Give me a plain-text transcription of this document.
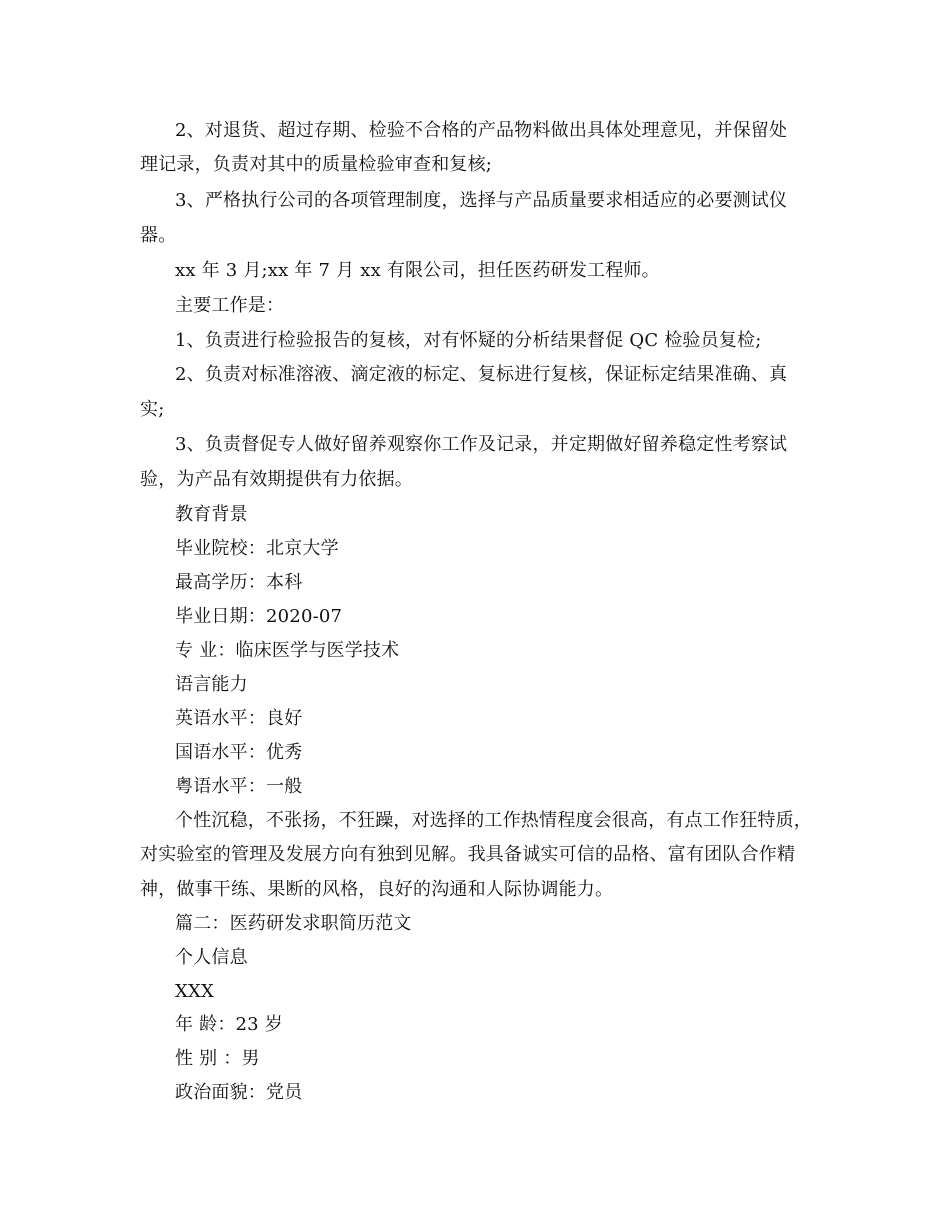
2、对退货、超过存期、检验不合格的产品物料做出具体处理意见，并保留处
理记录，负责对其中的质量检验审查和复核;
3、严格执行公司的各项管理制度，选择与产品质量要求相适应的必要测试仪
器。
xx 年 3 月;xx 年 7 月 xx 有限公司，担任医药研发工程师。
主要工作是：
1、负责进行检验报告的复核，对有怀疑的分析结果督促 QC 检验员复检;
2、负责对标准溶液、滴定液的标定、复标进行复核，保证标定结果准确、真
实;
3、负责督促专人做好留养观察你工作及记录，并定期做好留养稳定性考察试
验，为产品有效期提供有力依据。
教育背景
毕业院校：北京大学
最高学历：本科
毕业日期：2020-07
专 业：临床医学与医学技术
语言能力
英语水平：良好
国语水平：优秀
粤语水平：一般
个性沉稳，不张扬，不狂躁，对选择的工作热情程度会很高，有点工作狂特质，
对实验室的管理及发展方向有独到见解。我具备诚实可信的品格、富有团队合作精
神，做事干练、果断的风格，良好的沟通和人际协调能力。
篇二：医药研发求职简历范文
个人信息
XXX
年 龄：23 岁
性 别 ：男
政治面貌：党员
